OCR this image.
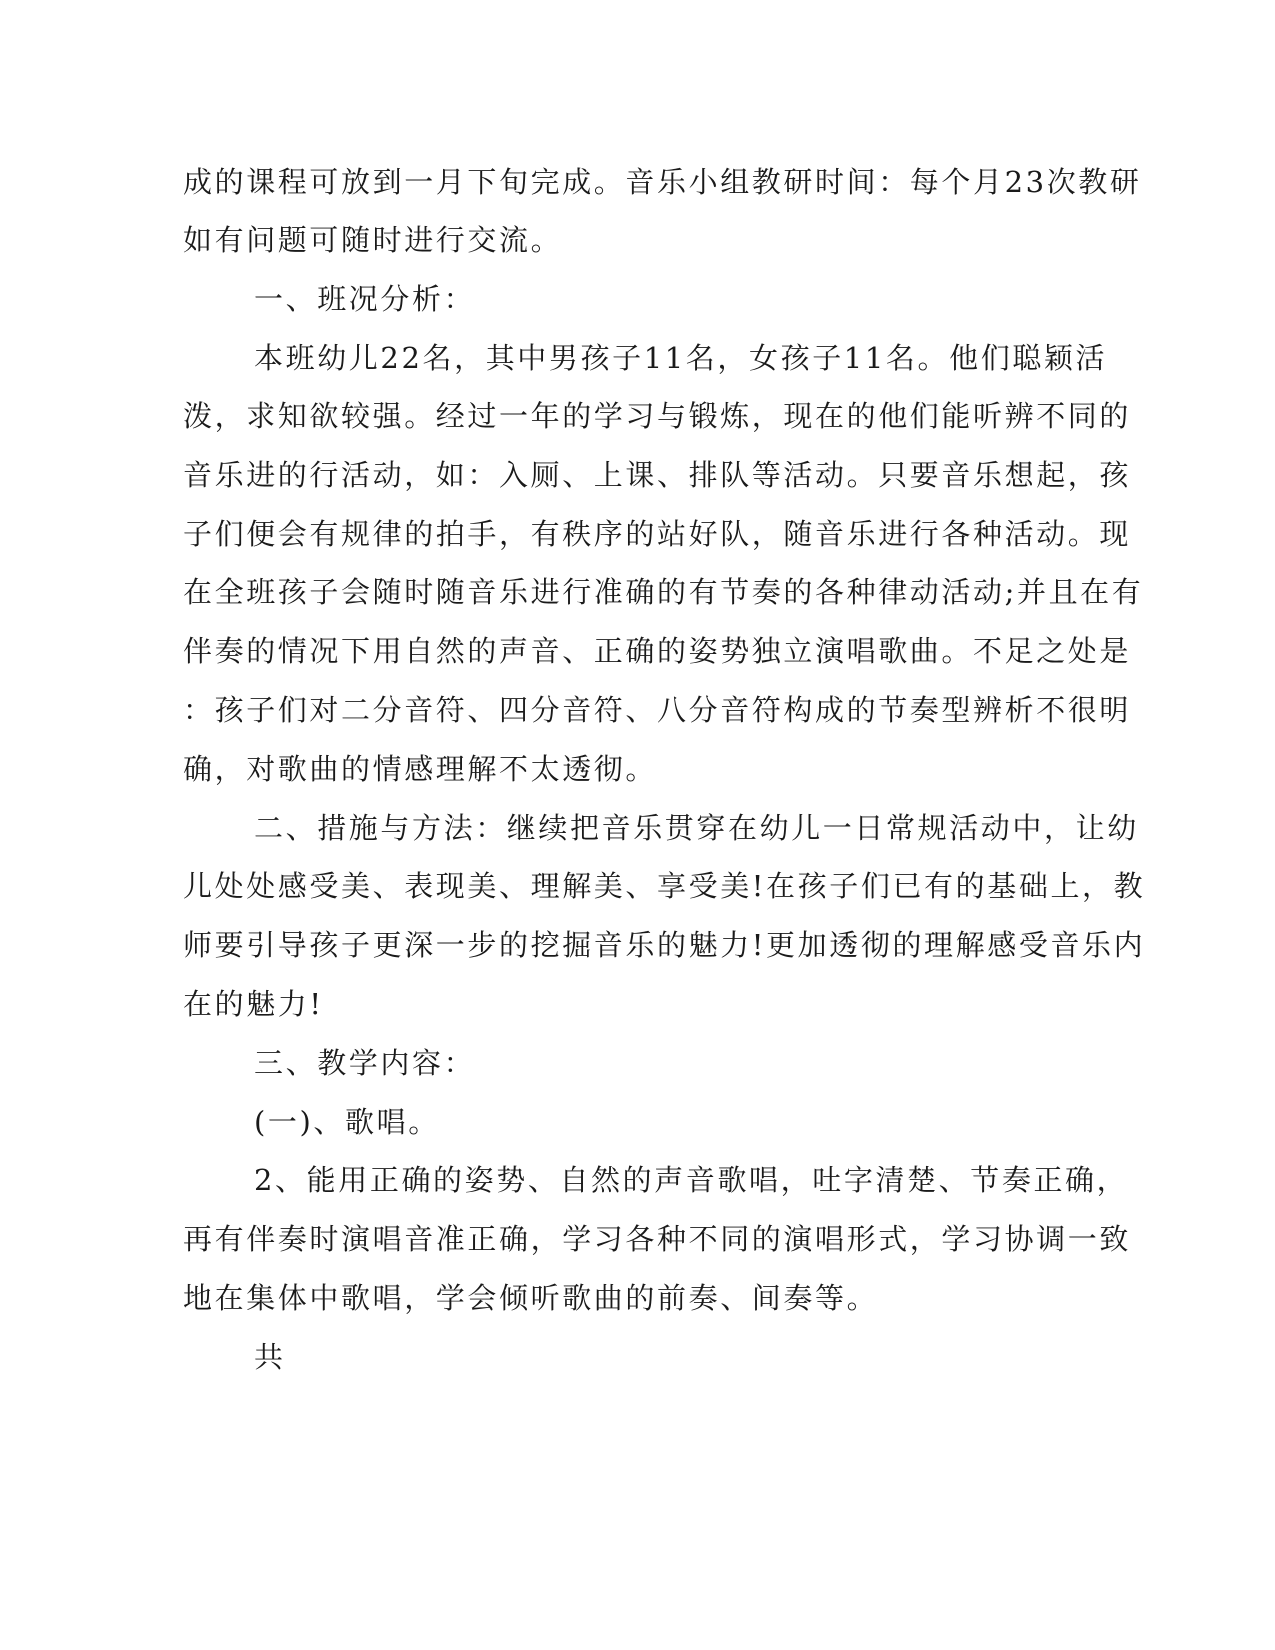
成的课程可放到一月下旬完成。音乐小组教研时间：每个月23次教研
如有问题可随时进行交流。
一、班况分析：
本班幼儿22名，其中男孩子11名，女孩子11名。他们聪颖活
泼，求知欲较强。经过一年的学习与锻炼，现在的他们能听辨不同的
音乐进的行活动，如：入厕、上课、排队等活动。只要音乐想起，孩
子们便会有规律的拍手，有秩序的站好队，随音乐进行各种活动。现
在全班孩子会随时随音乐进行准确的有节奏的各种律动活动;并且在有
伴奏的情况下用自然的声音、正确的姿势独立演唱歌曲。不足之处是
：孩子们对二分音符、四分音符、八分音符构成的节奏型辨析不很明
确，对歌曲的情感理解不太透彻。
二、措施与方法：继续把音乐贯穿在幼儿一日常规活动中，让幼
儿处处感受美、表现美、理解美、享受美!在孩子们已有的基础上，教
师要引导孩子更深一步的挖掘音乐的魅力!更加透彻的理解感受音乐内
在的魅力!
三、教学内容：
(一)、歌唱。
2、能用正确的姿势、自然的声音歌唱，吐字清楚、节奏正确，
再有伴奏时演唱音准正确，学习各种不同的演唱形式，学习协调一致
地在集体中歌唱，学会倾听歌曲的前奏、间奏等。
共
